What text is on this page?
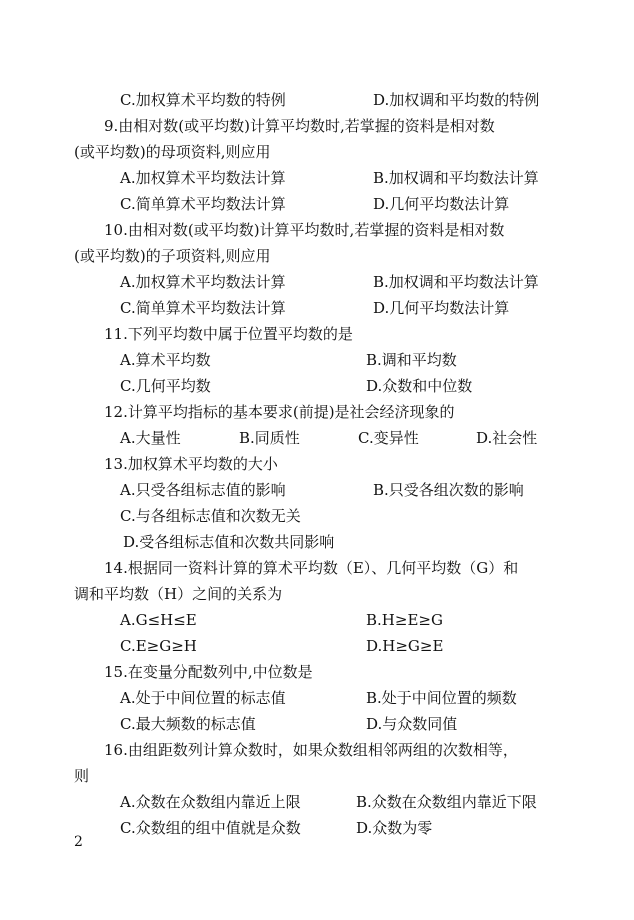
C.加权算术平均数的特例	D.加权调和平均数的特例
9.由相对数(或平均数)计算平均数时,若掌握的资料是相对数
(或平均数)的母项资料,则应用
A.加权算术平均数法计算	B.加权调和平均数法计算
C.简单算术平均数法计算	D.几何平均数法计算
10.由相对数(或平均数)计算平均数时,若掌握的资料是相对数
(或平均数)的子项资料,则应用
A.加权算术平均数法计算	B.加权调和平均数法计算
C.简单算术平均数法计算	D.几何平均数法计算
11.下列平均数中属于位置平均数的是
A.算术平均数	B.调和平均数
C.几何平均数	D.众数和中位数
12.计算平均指标的基本要求(前提)是社会经济现象的
A.大量性	B.同质性	C.变异性	D.社会性
13.加权算术平均数的大小
A.只受各组标志值的影响	B.只受各组次数的影响
C.与各组标志值和次数无关
D.受各组标志值和次数共同影响
14.根据同一资料计算的算术平均数（E）、几何平均数（G）和
调和平均数（H）之间的关系为
A.G≤H≤E	B.H≥E≥G
C.E≥G≥H	D.H≥G≥E
15.在变量分配数列中,中位数是
A.处于中间位置的标志值	B.处于中间位置的频数
C.最大频数的标志值	D.与众数同值
16.由组距数列计算众数时，如果众数组相邻两组的次数相等，
则
A.众数在众数组内靠近上限	B.众数在众数组内靠近下限
C.众数组的组中值就是众数	D.众数为零
2
